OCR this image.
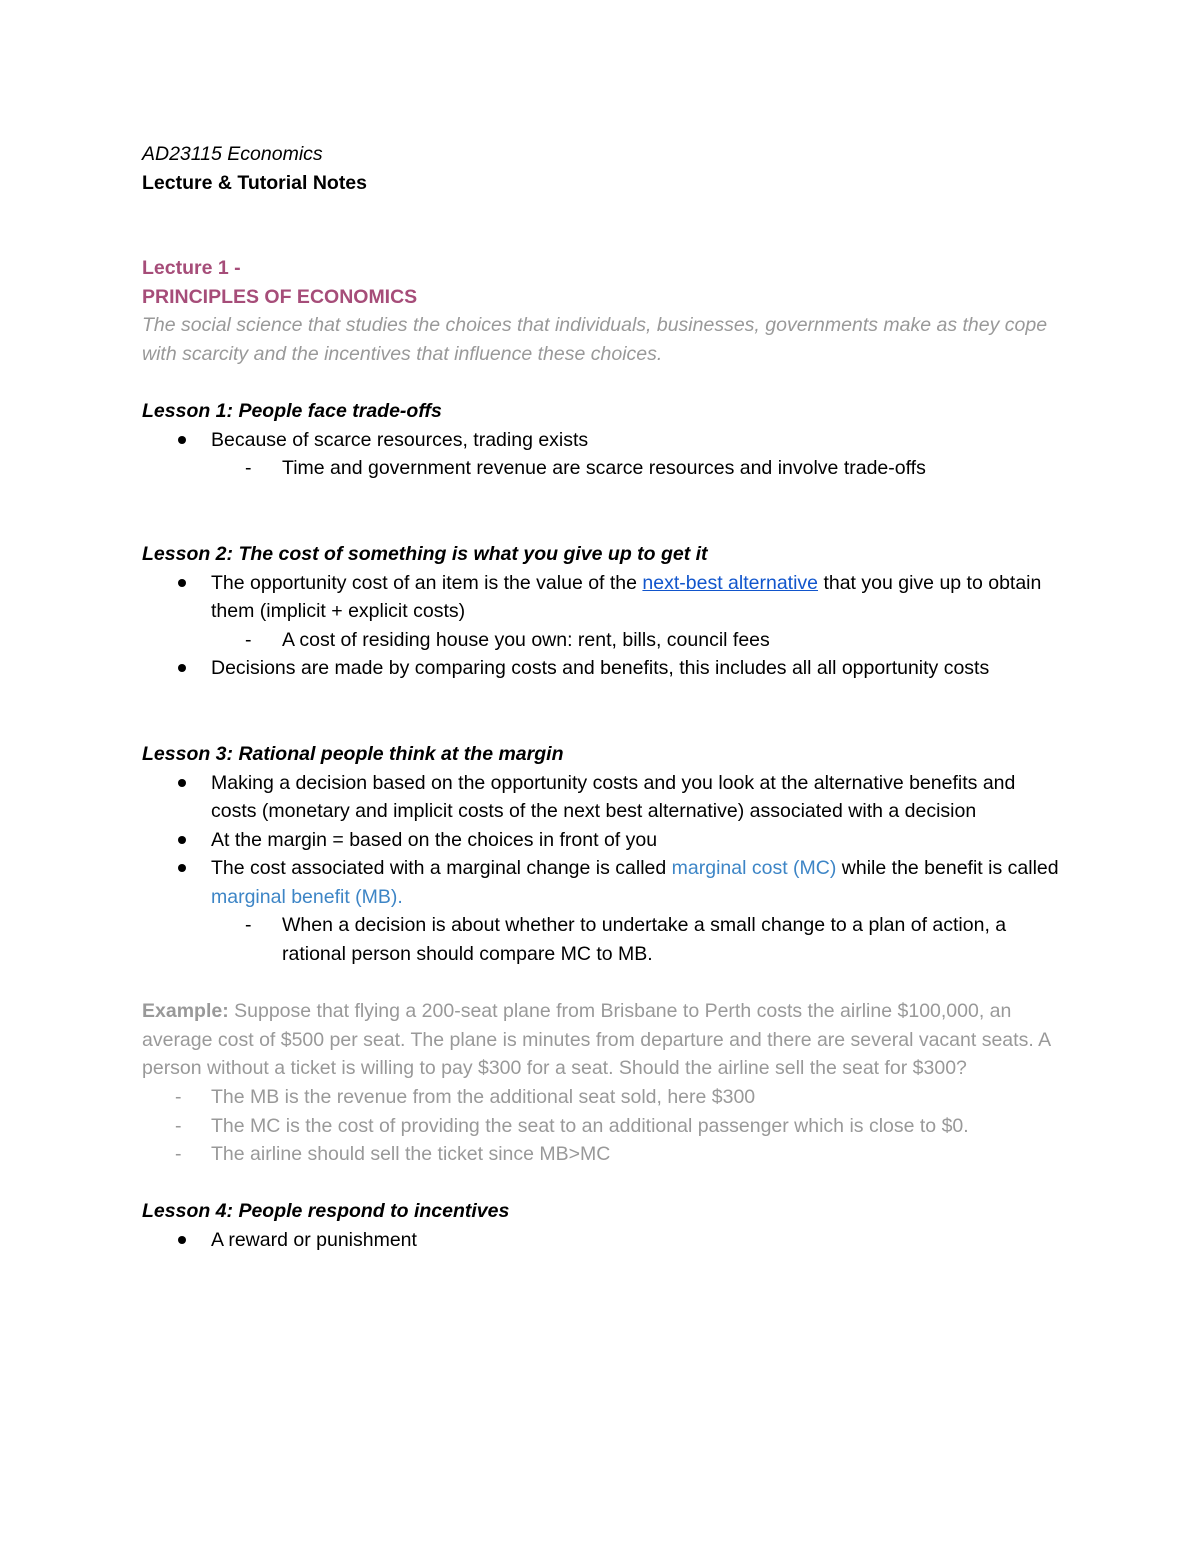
AD23115 Economics

Lecture & Tutorial Notes

Lecture 1 -

PRINCIPLES OF ECONOMICS

The social science that studies the choices that individuals, businesses, governments make as they cope with scarcity and the incentives that influence these choices.

Lesson 1: People face trade-offs

Because of scarce resources, trading exists
- Time and government revenue are scarce resources and involve trade-offs

Lesson 2: The cost of something is what you give up to get it

The opportunity cost of an item is the value of the next-best alternative that you give up to obtain them (implicit + explicit costs)
- A cost of residing house you own: rent, bills, council fees
Decisions are made by comparing costs and benefits, this includes all all opportunity costs

Lesson 3: Rational people think at the margin

Making a decision based on the opportunity costs and you look at the alternative benefits and costs (monetary and implicit costs of the next best alternative) associated with a decision
At the margin = based on the choices in front of you
The cost associated with a marginal change is called marginal cost (MC) while the benefit is called marginal benefit (MB).
- When a decision is about whether to undertake a small change to a plan of action, a rational person should compare MC to MB.

Example: Suppose that flying a 200-seat plane from Brisbane to Perth costs the airline $100,000, an average cost of $500 per seat. The plane is minutes from departure and there are several vacant seats. A person without a ticket is willing to pay $300 for a seat. Should the airline sell the seat for $300?

- The MB is the revenue from the additional seat sold, here $300
- The MC is the cost of providing the seat to an additional passenger which is close to $0.
- The airline should sell the ticket since MB>MC

Lesson 4: People respond to incentives

A reward or punishment
